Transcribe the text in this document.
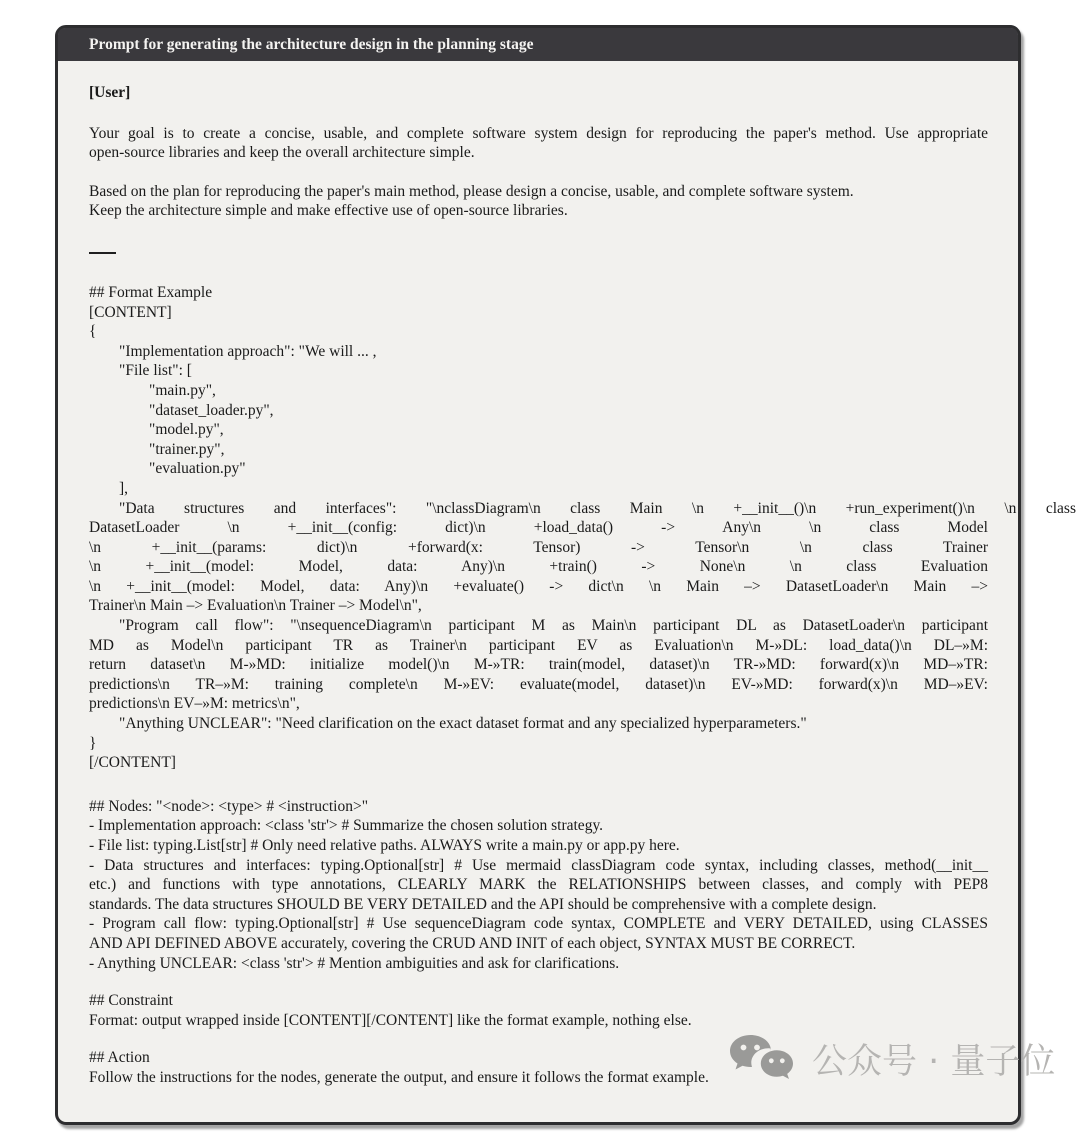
Prompt for generating the architecture design in the planning stage
[User]
Your goal is to create a concise, usable, and complete software system design for reproducing the paper's method. Use appropriate
open-source libraries and keep the overall architecture simple.
Based on the plan for reproducing the paper's main method, please design a concise, usable, and complete software system.
Keep the architecture simple and make effective use of open-source libraries.
## Format Example
[CONTENT]
{
"Implementation approach": "We will ... ,
"File list": [
"main.py",
"dataset_loader.py",
"model.py",
"trainer.py",
"evaluation.py"
],
"Data structures and interfaces": "\nclassDiagram\n class Main \n +__init__()\n +run_experiment()\n \n class
DatasetLoader \n +__init__(config: dict)\n +load_data() -> Any\n \n class Model
\n +__init__(params: dict)\n +forward(x: Tensor) -> Tensor\n \n class Trainer
\n +__init__(model: Model, data: Any)\n +train() -> None\n \n class Evaluation
\n +__init__(model: Model, data: Any)\n +evaluate() -> dict\n \n Main –> DatasetLoader\n Main –>
Trainer\n Main –> Evaluation\n Trainer –> Model\n",
"Program call flow": "\nsequenceDiagram\n participant M as Main\n participant DL as DatasetLoader\n participant
MD as Model\n participant TR as Trainer\n participant EV as Evaluation\n M-»DL: load_data()\n DL–»M:
return dataset\n M-»MD: initialize model()\n M-»TR: train(model, dataset)\n TR-»MD: forward(x)\n MD–»TR:
predictions\n TR–»M: training complete\n M-»EV: evaluate(model, dataset)\n EV-»MD: forward(x)\n MD–»EV:
predictions\n EV–»M: metrics\n",
"Anything UNCLEAR": "Need clarification on the exact dataset format and any specialized hyperparameters."
}
[/CONTENT]
## Nodes: "<node>: <type> # <instruction>"
- Implementation approach: <class 'str'> # Summarize the chosen solution strategy.
- File list: typing.List[str] # Only need relative paths. ALWAYS write a main.py or app.py here.
- Data structures and interfaces: typing.Optional[str] # Use mermaid classDiagram code syntax, including classes, method(__init__
etc.) and functions with type annotations, CLEARLY MARK the RELATIONSHIPS between classes, and comply with PEP8
standards. The data structures SHOULD BE VERY DETAILED and the API should be comprehensive with a complete design.
- Program call flow: typing.Optional[str] # Use sequenceDiagram code syntax, COMPLETE and VERY DETAILED, using CLASSES
AND API DEFINED ABOVE accurately, covering the CRUD AND INIT of each object, SYNTAX MUST BE CORRECT.
- Anything UNCLEAR: <class 'str'> # Mention ambiguities and ask for clarifications.
## Constraint
Format: output wrapped inside [CONTENT][/CONTENT] like the format example, nothing else.
## Action
Follow the instructions for the nodes, generate the output, and ensure it follows the format example.	公众号 · 量子位
